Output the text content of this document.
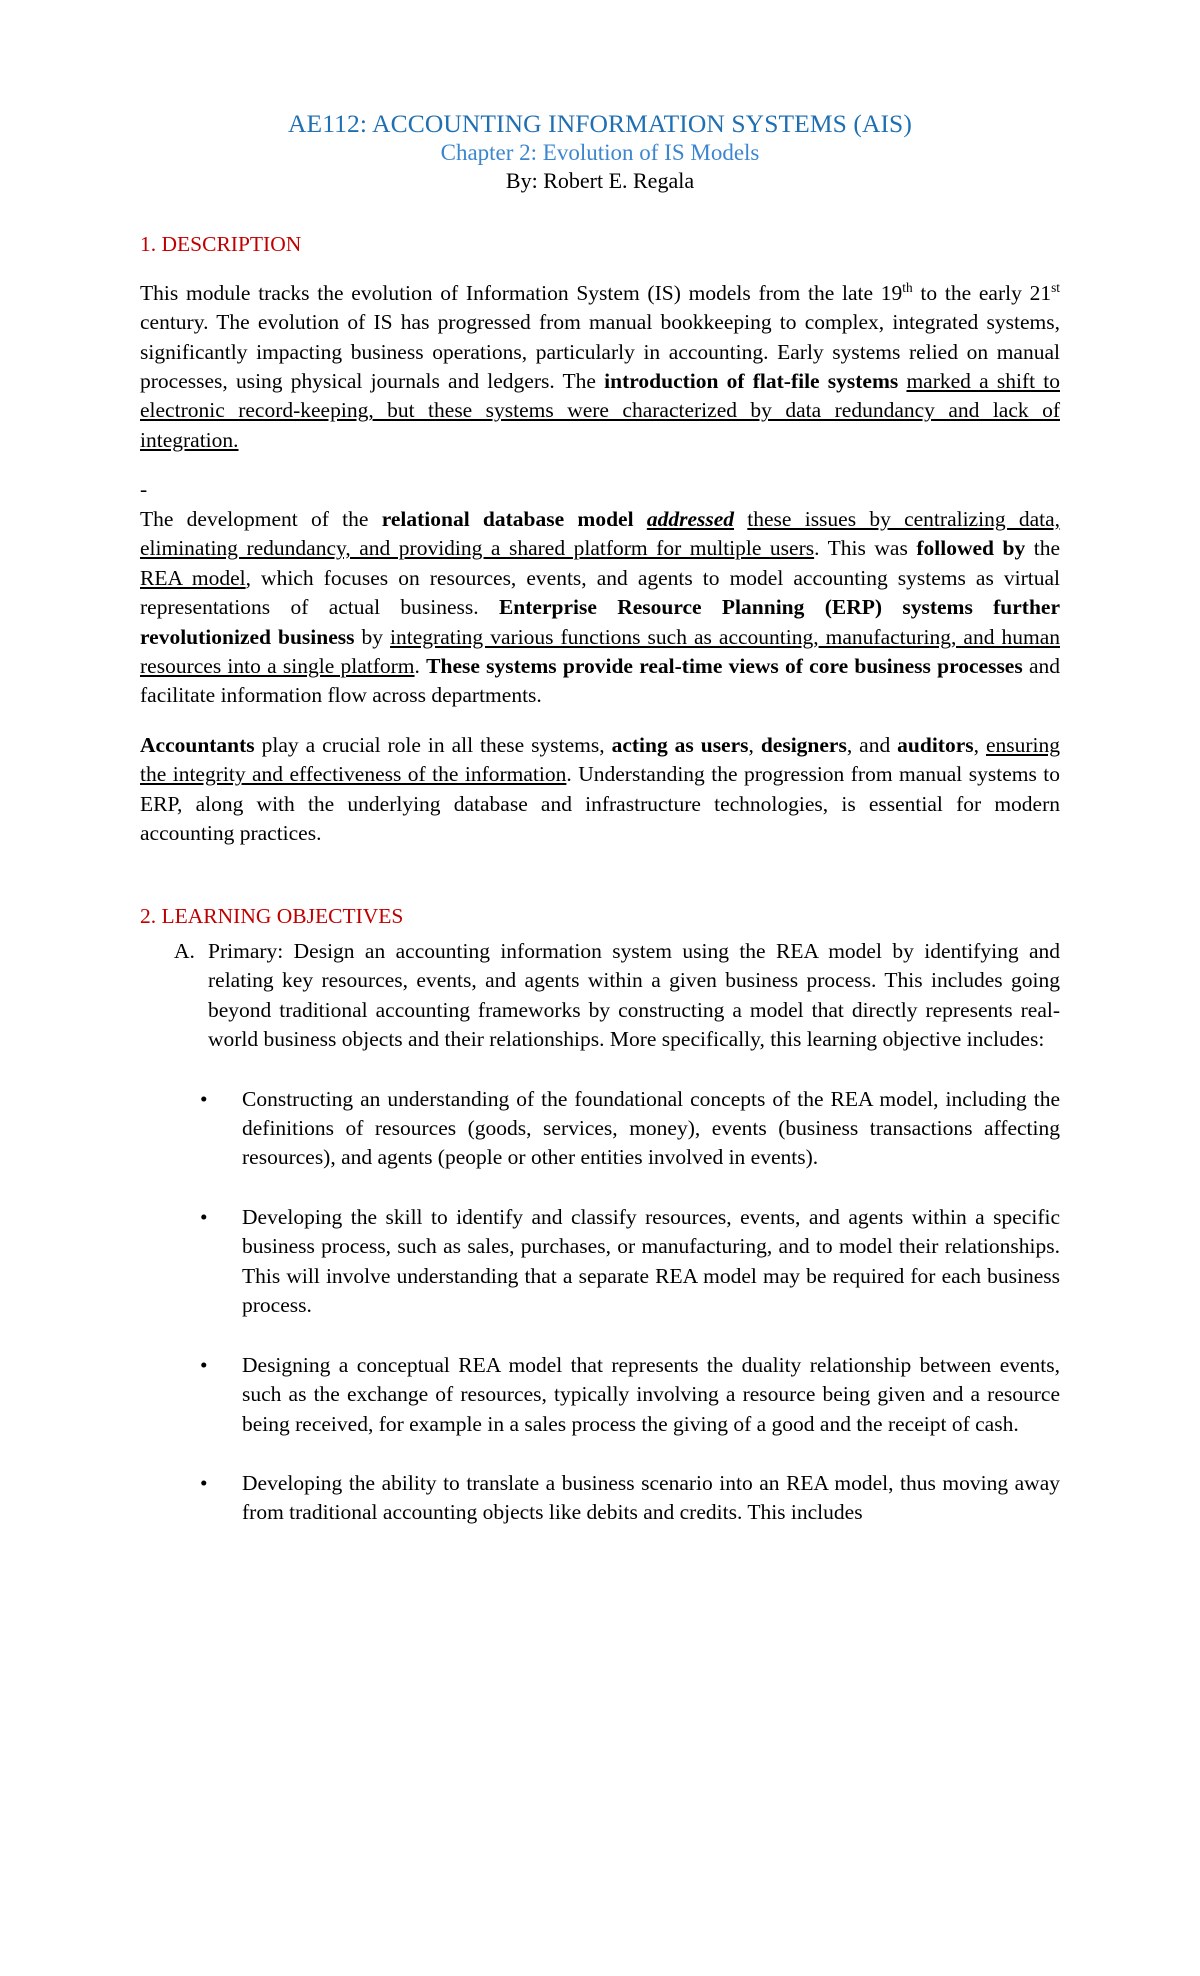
AE112: ACCOUNTING INFORMATION SYSTEMS (AIS)
Chapter 2: Evolution of IS Models
By: Robert E. Regala
1. DESCRIPTION

This module tracks the evolution of Information System (IS) models from the late 19th to the early 21st century. The evolution of IS has progressed from manual bookkeeping to complex, integrated systems, significantly impacting business operations, particularly in accounting. Early systems relied on manual processes, using physical journals and ledgers. The introduction of flat-file systems marked a shift to electronic record-keeping, but these systems were characterized by data redundancy and lack of integration.

-

The development of the relational database model addressed these issues by centralizing data, eliminating redundancy, and providing a shared platform for multiple users. This was followed by the REA model, which focuses on resources, events, and agents to model accounting systems as virtual representations of actual business. Enterprise Resource Planning (ERP) systems further revolutionized business by integrating various functions such as accounting, manufacturing, and human resources into a single platform. These systems provide real-time views of core business processes and facilitate information flow across departments.

Accountants play a crucial role in all these systems, acting as users, designers, and auditors, ensuring the integrity and effectiveness of the information. Understanding the progression from manual systems to ERP, along with the underlying database and infrastructure technologies, is essential for modern accounting practices.

2. LEARNING OBJECTIVES
A. Primary: Design an accounting information system using the REA model by identifying and relating key resources, events, and agents within a given business process. This includes going beyond traditional accounting frameworks by constructing a model that directly represents real-world business objects and their relationships. More specifically, this learning objective includes:
•	Constructing an understanding of the foundational concepts of the REA model, including the definitions of resources (goods, services, money), events (business transactions affecting resources), and agents (people or other entities involved in events).
•	Developing the skill to identify and classify resources, events, and agents within a specific business process, such as sales, purchases, or manufacturing, and to model their relationships. This will involve understanding that a separate REA model may be required for each business process.
•	Designing a conceptual REA model that represents the duality relationship between events, such as the exchange of resources, typically involving a resource being given and a resource being received, for example in a sales process the giving of a good and the receipt of cash.
•	Developing the ability to translate a business scenario into an REA model, thus moving away from traditional accounting objects like debits and credits. This includes
